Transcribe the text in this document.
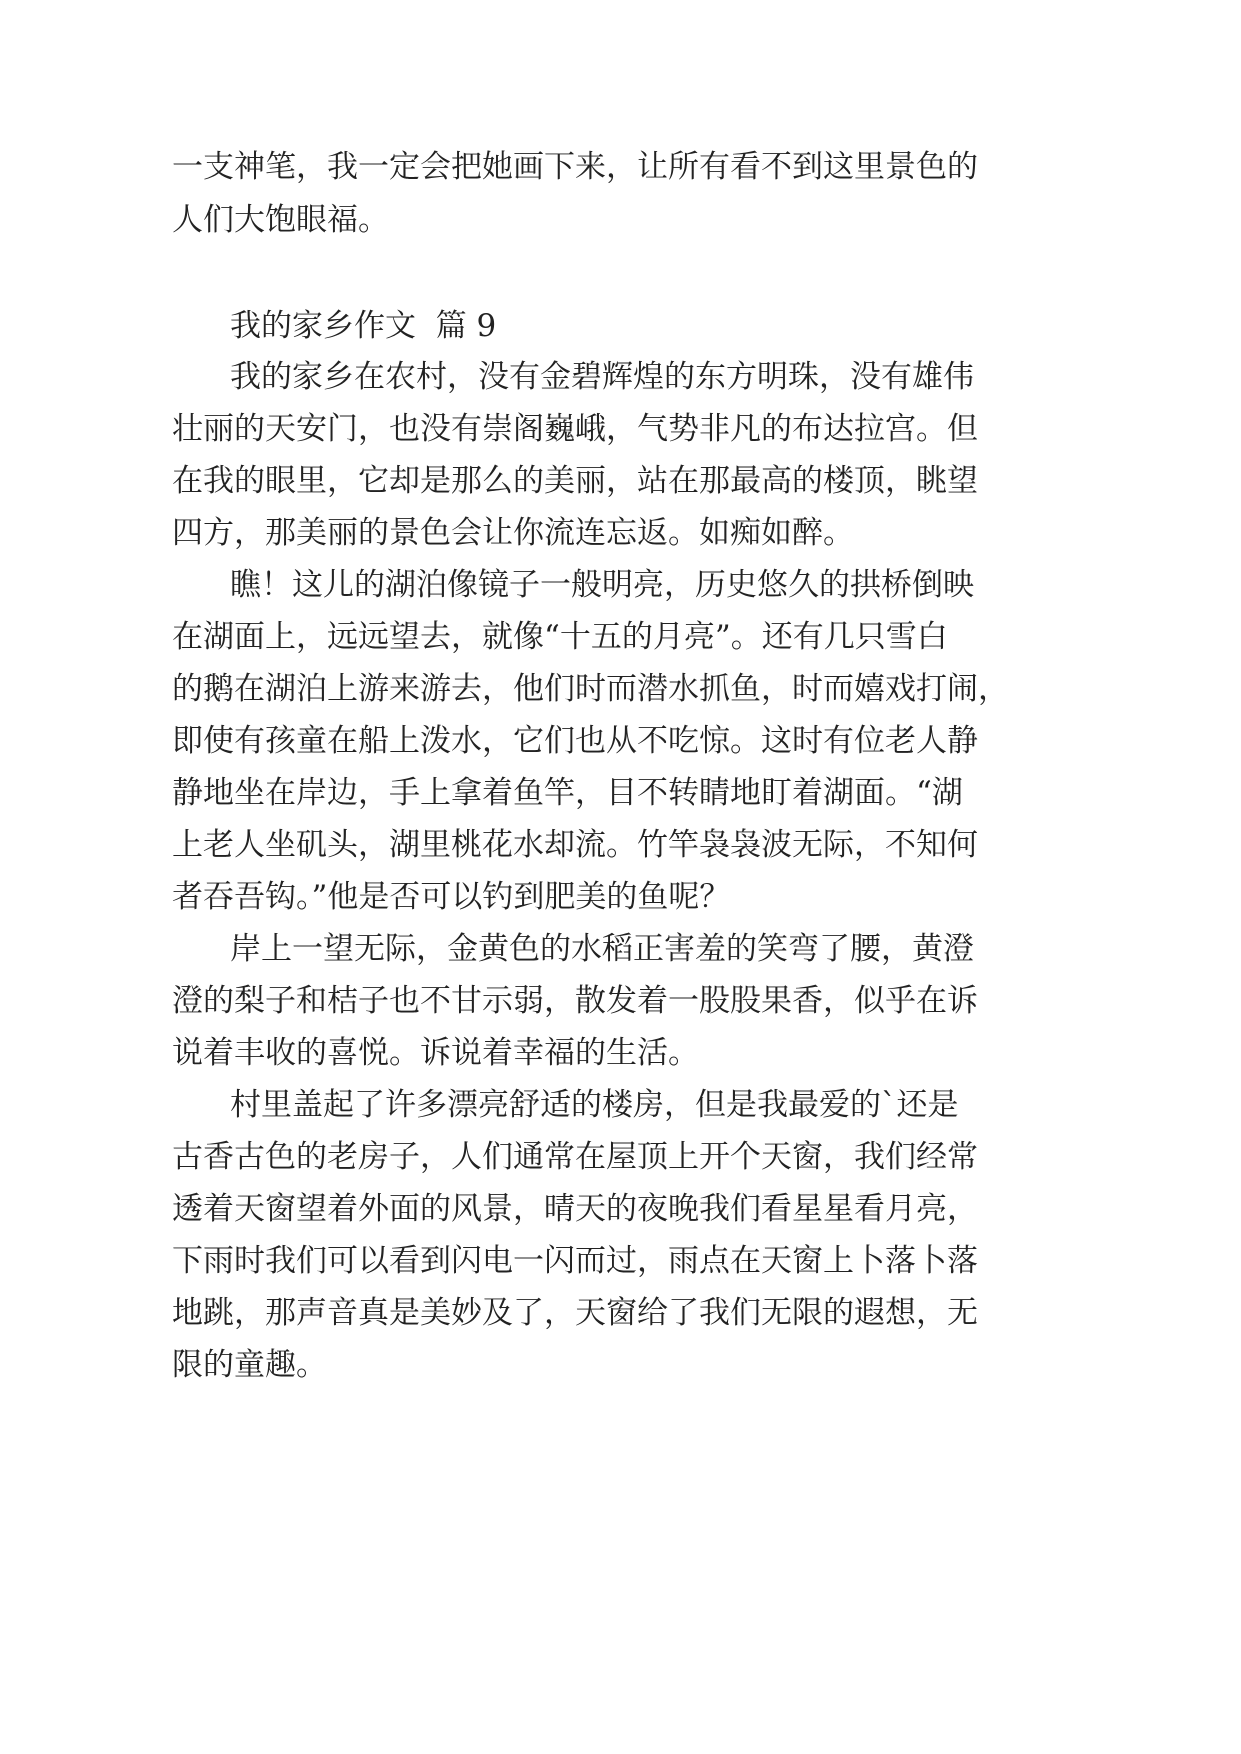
一 支 神 笔 ， 我 一 定 会 把 她 画 下 来 ， 让 所 有 看 不 到 这 里 景 色 的
人们大饱眼福。
我的家乡作文  篇 9
我 的 家 乡 在 农 村 ， 没 有 金 碧 辉 煌 的 东 方 明 珠 ， 没 有 雄 伟
壮 丽 的 天 安 门 ， 也 没 有 崇 阁 巍 峨 ， 气 势 非 凡 的 布 达 拉 宫 。 但
在 我 的 眼 里 ， 它 却 是 那 么 的 美 丽 ， 站 在 那 最 高 的 楼 顶 ， 眺 望
四方，那美丽的景色会让你流连忘返。如痴如醉。
瞧 ！ 这 儿 的 湖 泊 像 镜 子 一 般 明 亮 ， 历 史 悠 久 的 拱 桥 倒 映
在 湖 面 上 ， 远 远 望 去 ， 就 像 “ 十 五 的 月 亮 ” 。 还 有 几 只 雪 白
的 鹅 在 湖 泊 上 游 来 游 去 ， 他 们 时 而 潜 水 抓 鱼 ， 时 而 嬉 戏 打 闹 ，
即 使 有 孩 童 在 船 上 泼 水 ， 它 们 也 从 不 吃 惊 。 这 时 有 位 老 人 静
静 地 坐 在 岸 边 ， 手 上 拿 着 鱼 竿 ， 目 不 转 睛 地 盯 着 湖 面 。 “ 湖
上 老 人 坐 矶 头 ， 湖 里 桃 花 水 却 流 。 竹 竿 袅 袅 波 无 际 ， 不 知 何
者吞吾钩。”他是否可以钓到肥美的鱼呢？
岸 上 一 望 无 际 ， 金 黄 色 的 水 稻 正 害 羞 的 笑 弯 了 腰 ， 黄 澄
澄 的 梨 子 和 桔 子 也 不 甘 示 弱 ， 散 发 着 一 股 股 果 香 ， 似 乎 在 诉
说着丰收的喜悦。诉说着幸福的生活。
村 里 盖 起 了 许 多 漂 亮 舒 适 的 楼 房 ， 但 是 我 最 爱 的 ` 还 是
古 香 古 色 的 老 房 子 ， 人 们 通 常 在 屋 顶 上 开 个 天 窗 ， 我 们 经 常
透 着 天 窗 望 着 外 面 的 风 景 ， 晴 天 的 夜 晚 我 们 看 星 星 看 月 亮 ，
下 雨 时 我 们 可 以 看 到 闪 电 一 闪 而 过 ， 雨 点 在 天 窗 上 卜 落 卜 落
地 跳 ， 那 声 音 真 是 美 妙 及 了 ， 天 窗 给 了 我 们 无 限 的 遐 想 ， 无
限的童趣。
